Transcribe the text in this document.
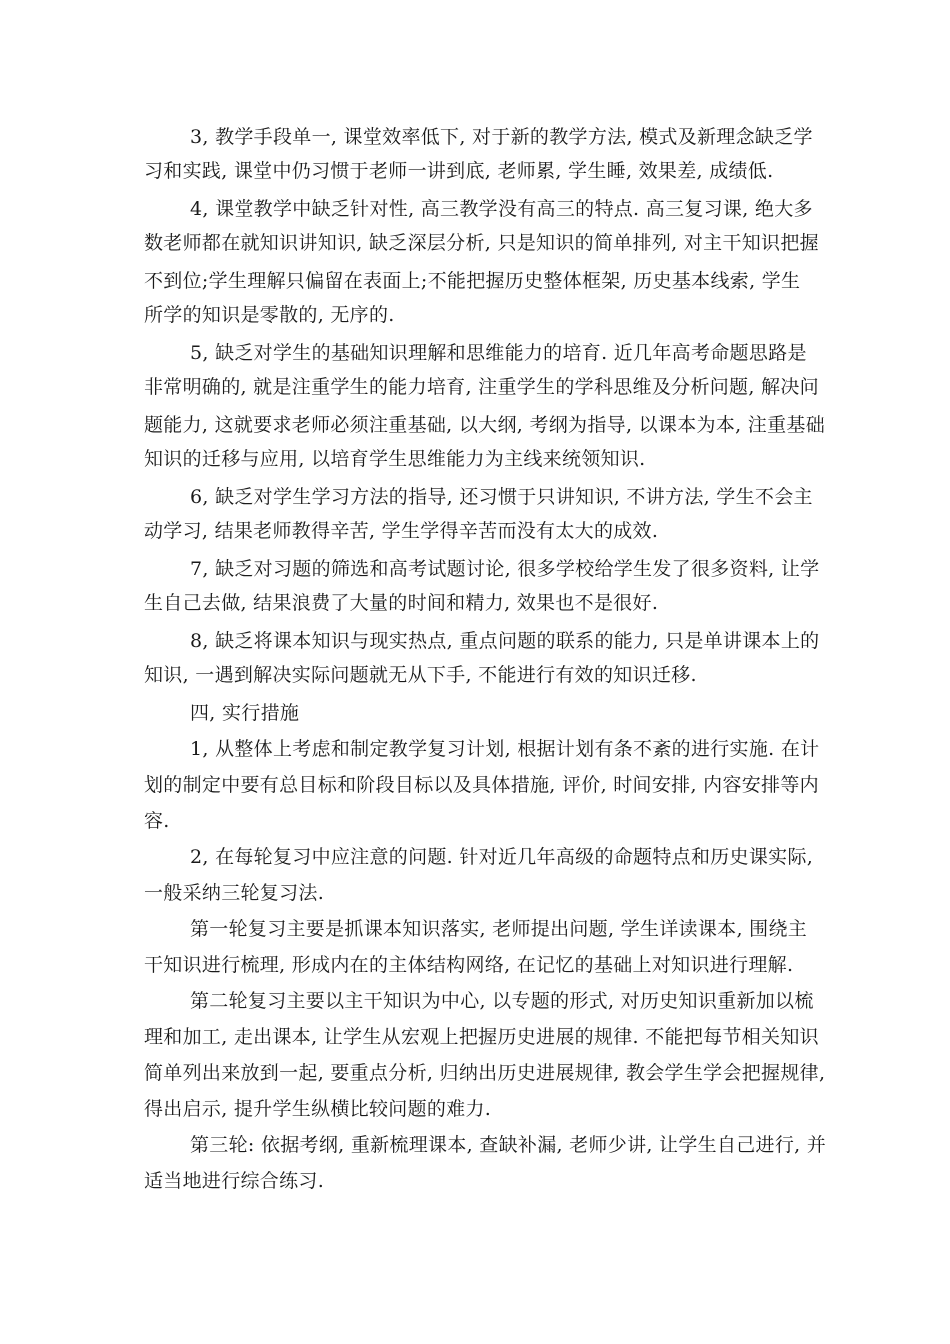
3, 教学手段单一, 课堂效率低下, 对于新的教学方法, 模式及新理念缺乏学
习和实践, 课堂中仍习惯于老师一讲到底, 老师累, 学生睡, 效果差, 成绩低.
4, 课堂教学中缺乏针对性, 高三教学没有高三的特点. 高三复习课, 绝大多
数老师都在就知识讲知识, 缺乏深层分析, 只是知识的简单排列, 对主干知识把握
不到位;学生理解只偏留在表面上;不能把握历史整体框架, 历史基本线索, 学生
所学的知识是零散的, 无序的.
5, 缺乏对学生的基础知识理解和思维能力的培育. 近几年高考命题思路是
非常明确的, 就是注重学生的能力培育, 注重学生的学科思维及分析问题, 解决问
题能力, 这就要求老师必须注重基础, 以大纲, 考纲为指导, 以课本为本, 注重基础
知识的迁移与应用, 以培育学生思维能力为主线来统领知识.
6, 缺乏对学生学习方法的指导, 还习惯于只讲知识, 不讲方法, 学生不会主
动学习, 结果老师教得辛苦, 学生学得辛苦而没有太大的成效.
7, 缺乏对习题的筛选和高考试题讨论, 很多学校给学生发了很多资料, 让学
生自己去做, 结果浪费了大量的时间和精力, 效果也不是很好.
8, 缺乏将课本知识与现实热点, 重点问题的联系的能力, 只是单讲课本上的
知识, 一遇到解决实际问题就无从下手, 不能进行有效的知识迁移.
四, 实行措施
1, 从整体上考虑和制定教学复习计划, 根据计划有条不紊的进行实施. 在计
划的制定中要有总目标和阶段目标以及具体措施, 评价, 时间安排, 内容安排等内
容.
2, 在每轮复习中应注意的问题. 针对近几年高级的命题特点和历史课实际,
一般采纳三轮复习法.
第一轮复习主要是抓课本知识落实, 老师提出问题, 学生详读课本, 围绕主
干知识进行梳理, 形成内在的主体结构网络, 在记忆的基础上对知识进行理解.
第二轮复习主要以主干知识为中心, 以专题的形式, 对历史知识重新加以梳
理和加工, 走出课本, 让学生从宏观上把握历史进展的规律. 不能把每节相关知识
简单列出来放到一起, 要重点分析, 归纳出历史进展规律, 教会学生学会把握规律,
得出启示, 提升学生纵横比较问题的难力.
第三轮: 依据考纲, 重新梳理课本, 查缺补漏, 老师少讲, 让学生自己进行, 并
适当地进行综合练习.
